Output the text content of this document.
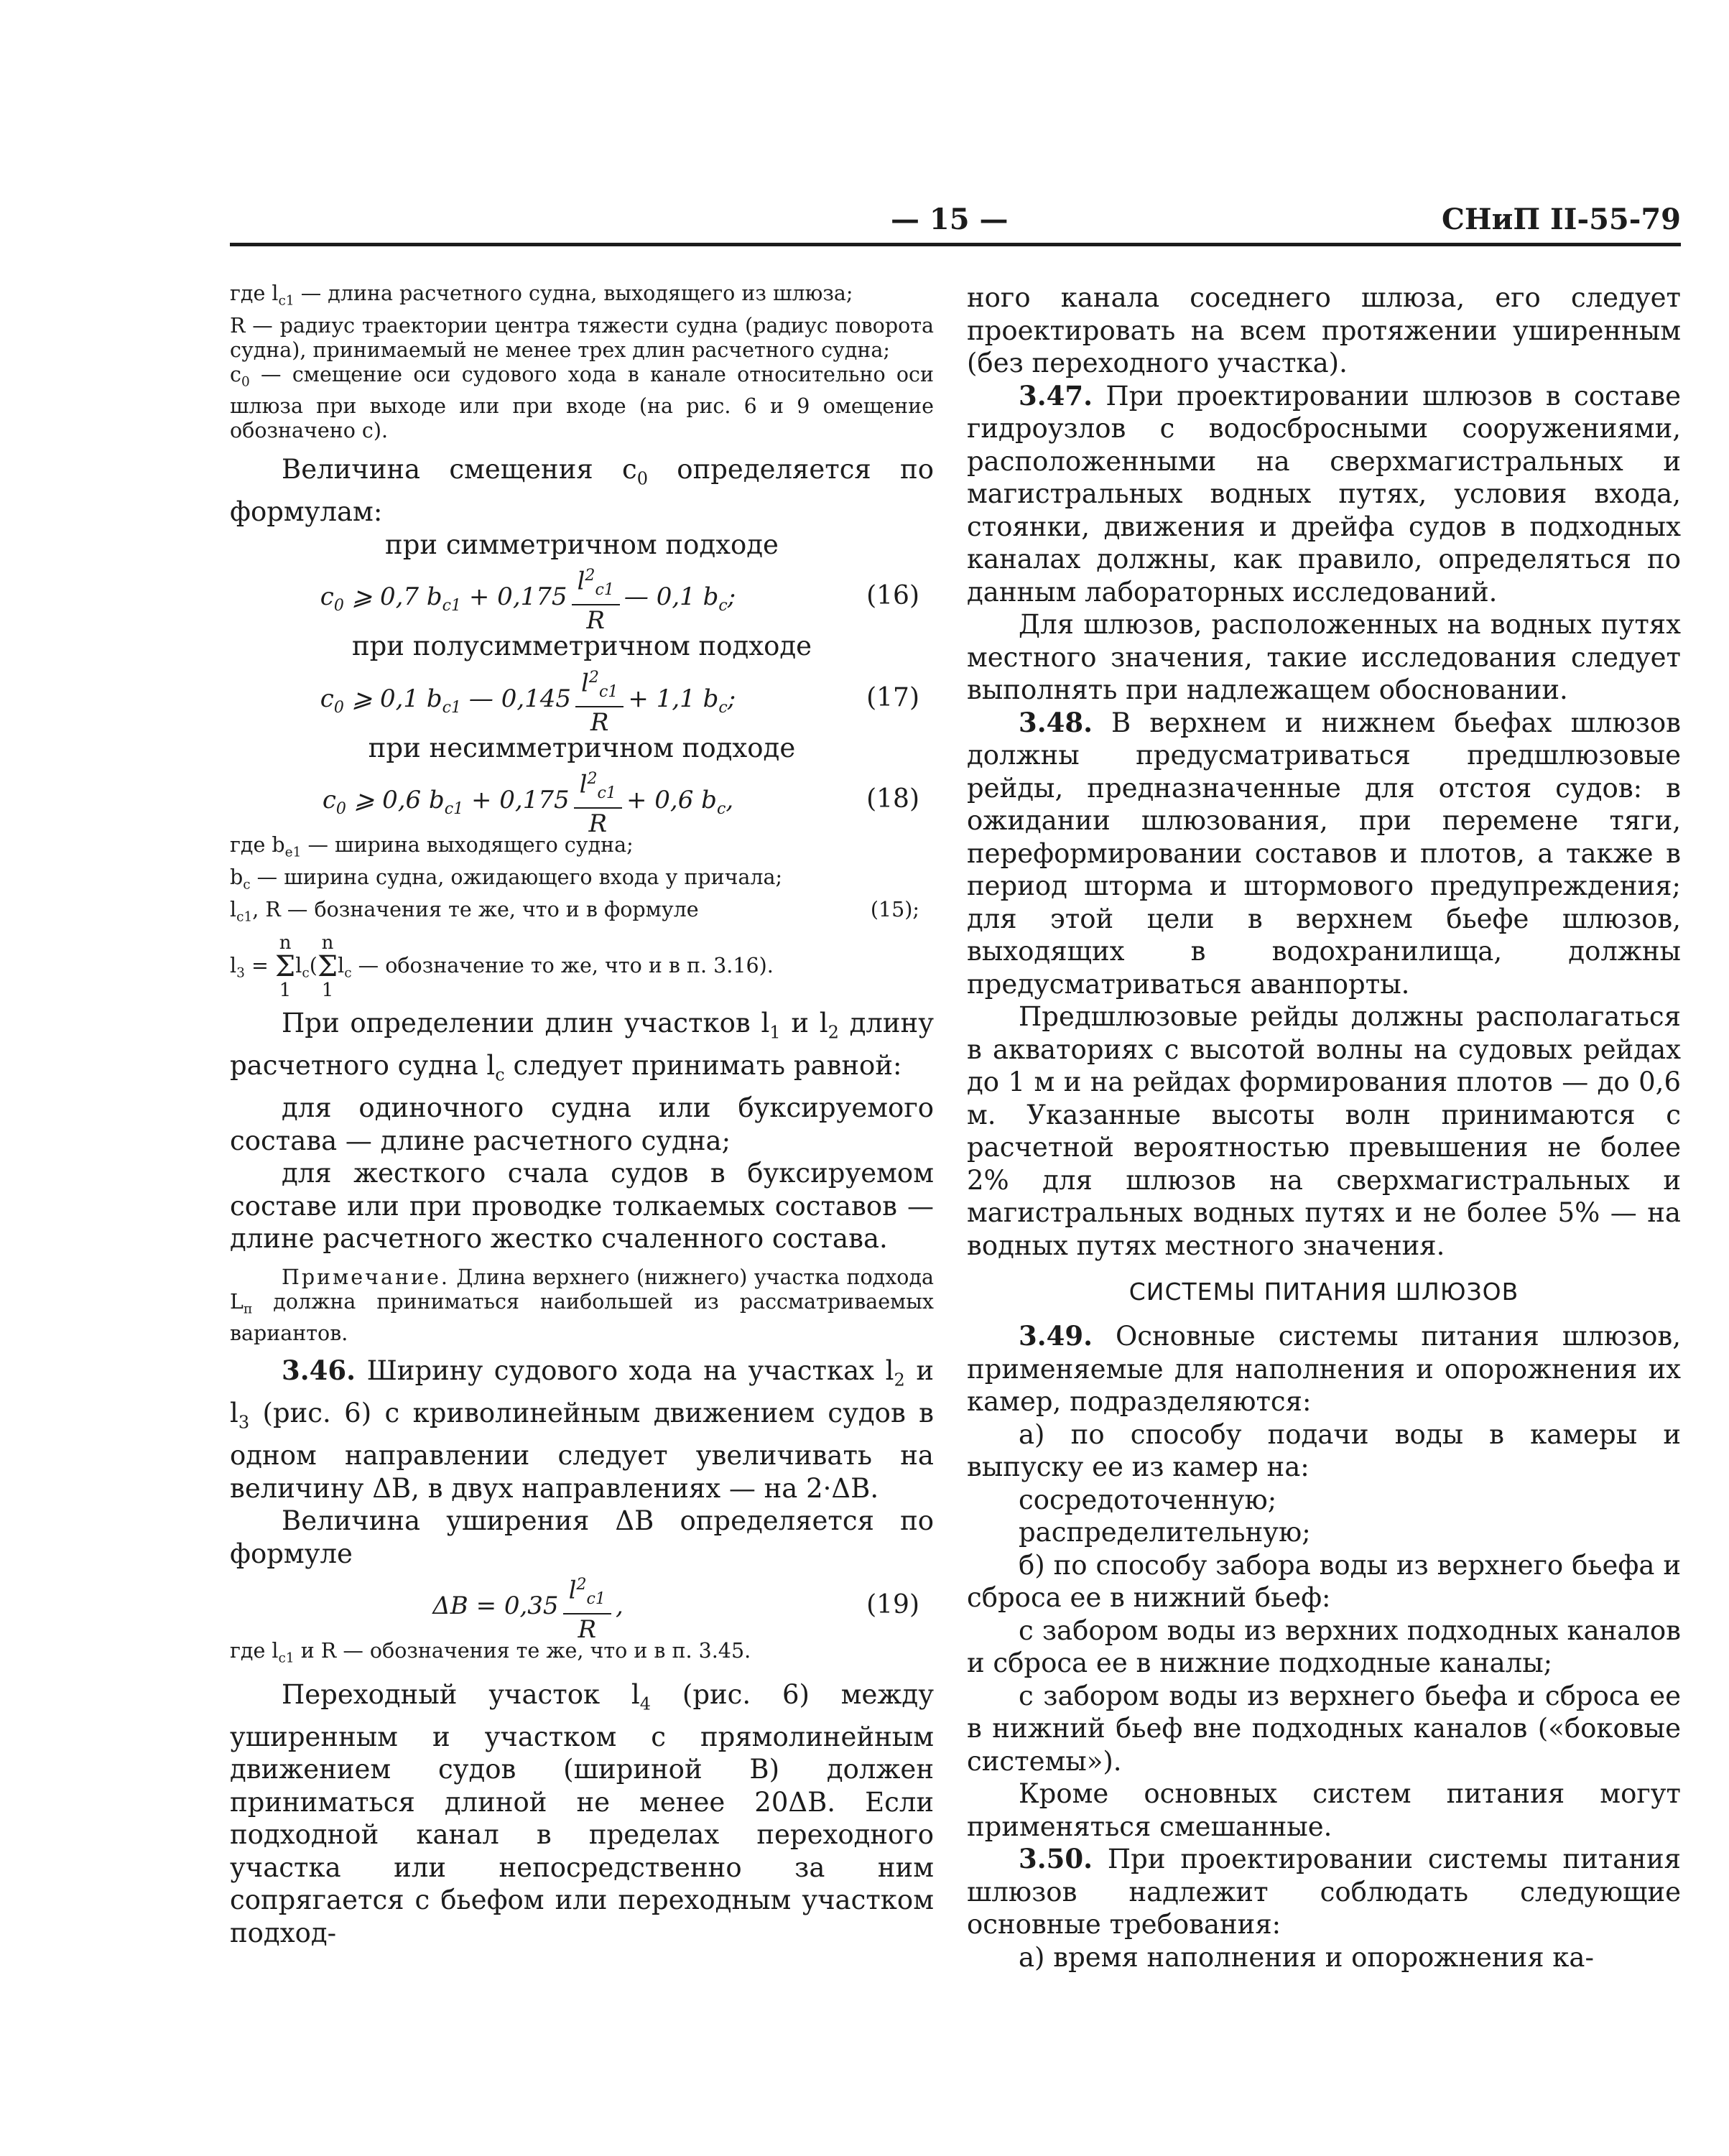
— 15 —	СНиП II-55-79

где $l_{c1}$ — длина расчетного судна, выходящего из шлюза;

R — радиус траектории центра тяжести судна (радиус поворота судна), принимаемый не менее трех длин расчетного судна;

$c_0$ — смещение оси судового хода в канале относительно оси шлюза при выходе или при входе (на рис. 6 и 9 омещение обозначено c).

Величина смещения $c_0$ определяется по формулам:

при симметричном подходе

$c_0$ ⩾ 0,7 $b_{c1} + 0,175 \frac{l^2_{c1}}{R}$ — 0,1 $b_c$;	(16)

при полусимметричном подходе

$c_0$ ⩾ 0,1 $b_{c1}$ — $0,145 \frac{l^2_{c1}}{R} + 1,1$ $b_c$;	(17)

при несимметричном подходе

$c_0$ ⩾ 0,6 $b_{c1} + 0,175 \frac{l^2_{c1}}{R} + 0,6$ $b_c$,	(18)

где $b_{e1}$ — ширина выходящего судна;

$b_c$ — ширина судна, ожидающего входа у причала;

$l_{c1}$, R — бозначения те же, что и в формуле	(15);

$l_3 = n$
Σ
$1l_c(n$
Σ
$1l_c$ — обозначение то же, что и в п. 3.16).

При определении длин участков $l_1$ и $l_2$ длину расчетного судна $l_c$ следует принимать равной:

для одиночного судна или буксируемого состава — длине расчетного судна;

для жесткого счала судов в буксируемом составе или при проводке толкаемых составов — длине расчетного жестко счаленного состава.

Примечание. Длина верхнего (нижнего) участка подхода $L_п$ должна приниматься наибольшей из рассматриваемых вариантов.

3.46. Ширину судового хода на участках $l_2$ и $l_3$ (рис. 6) с криволинейным движением судов в одном направлении следует увеличивать на величину ΔB, в двух направлениях — на 2·ΔB.

Величина уширения ΔB определяется по формуле

$\Delta B = 0,35 \frac{l^2_{c1}}{R}$ ,	(19)

где $l_{c1}$ и R — обозначения те же, что и в п. 3.45.

Переходный участок $l_4$ (рис. 6) между уширенным и участком с прямолинейным движением судов (шириной B) должен приниматься длиной не менее 20ΔB. Если подходной канал в пределах переходного участка или непосредственно за ним сопрягается с бьефом или переходным участком подход-

ного канала соседнего шлюза, его следует проектировать на всем протяжении уширенным (без переходного участка).

3.47. При проектировании шлюзов в составе гидроузлов с водосбросными сооружениями, расположенными на сверхмагистральных и магистральных водных путях, условия входа, стоянки, движения и дрейфа судов в подходных каналах должны, как правило, определяться по данным лабораторных исследований.

Для шлюзов, расположенных на водных путях местного значения, такие исследования следует выполнять при надлежащем обосновании.

3.48. В верхнем и нижнем бьефах шлюзов должны предусматриваться предшлюзовые рейды, предназначенные для отстоя судов: в ожидании шлюзования, при перемене тяги, переформировании составов и плотов, а также в период шторма и штормового предупреждения; для этой цели в верхнем бьефе шлюзов, выходящих в водохранилища, должны предусматриваться аванпорты.

Предшлюзовые рейды должны располагаться в акваториях с высотой волны на судовых рейдах до 1 м и на рейдах формирования плотов — до 0,6 м. Указанные высоты волн принимаются с расчетной вероятностью превышения не более 2% для шлюзов на сверхмагистральных и магистральных водных путях и не более 5% — на водных путях местного значения.

СИСТЕМЫ ПИТАНИЯ ШЛЮЗОВ

3.49. Основные системы питания шлюзов, применяемые для наполнения и опорожнения их камер, подразделяются:

а) по способу подачи воды в камеры и выпуску ее из камер на:

сосредоточенную;

распределительную;

б) по способу забора воды из верхнего бьефа и сброса ее в нижний бьеф:

с забором воды из верхних подходных каналов и сброса ее в нижние подходные каналы;

с забором воды из верхнего бьефа и сброса ее в нижний бьеф вне подходных каналов («боковые системы»).

Кроме основных систем питания могут применяться смешанные.

3.50. При проектировании системы питания шлюзов надлежит соблюдать следующие основные требования:

а) время наполнения и опорожнения ка-
